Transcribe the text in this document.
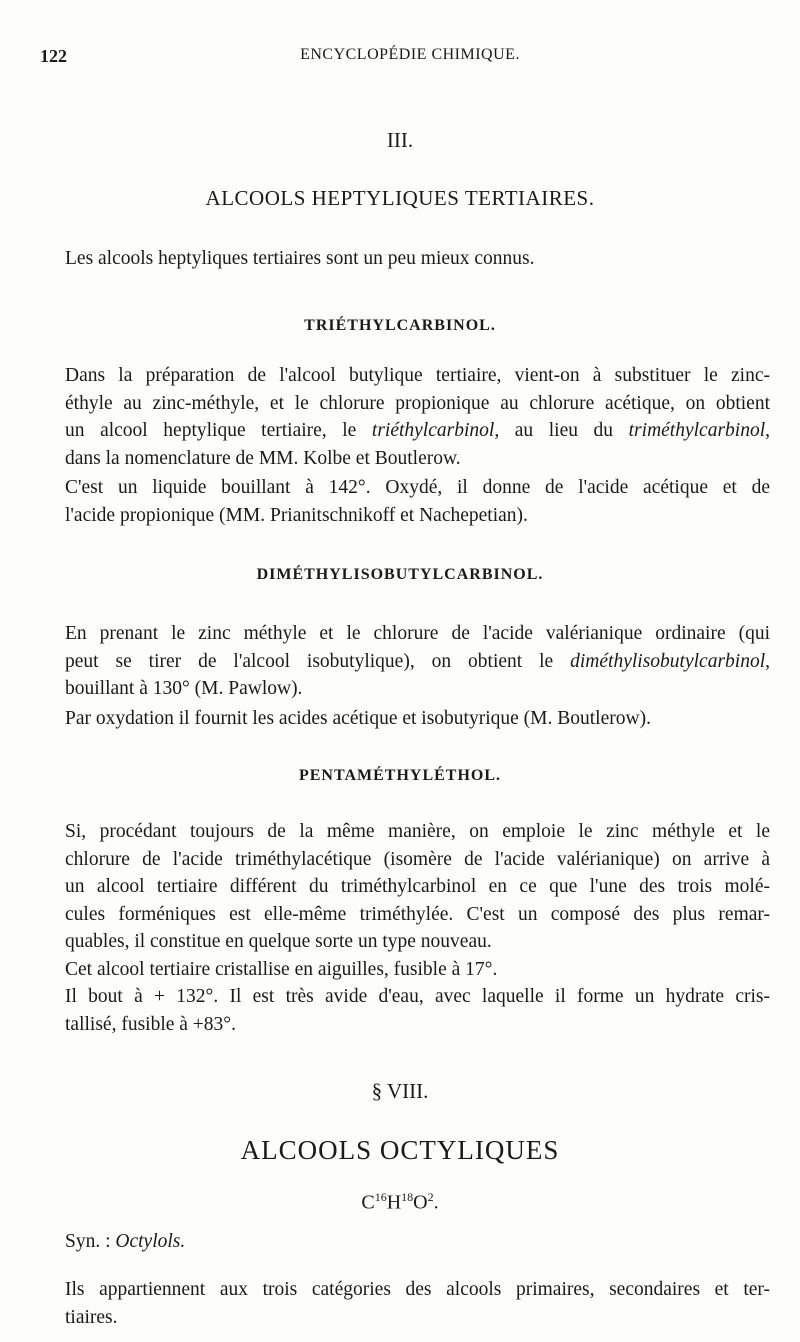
122	ENCYCLOPÉDIE CHIMIQUE.
III.
ALCOOLS HEPTYLIQUES TERTIAIRES.

Les alcools heptyliques tertiaires sont un peu mieux connus.

TRIÉTHYLCARBINOL.

Dans la préparation de l'alcool butylique tertiaire, vient-on à substituer le zinc-
éthyle au zinc-méthyle, et le chlorure propionique au chlorure acétique, on obtient
un alcool heptylique tertiaire, le triéthylcarbinol, au lieu du triméthylcarbinol,
dans la nomenclature de MM. Kolbe et Boutlerow.

C'est un liquide bouillant à 142°. Oxydé, il donne de l'acide acétique et de
l'acide propionique (MM. Prianitschnikoff et Nachepetian).

DIMÉTHYLISOBUTYLCARBINOL.

En prenant le zinc méthyle et le chlorure de l'acide valérianique ordinaire (qui
peut se tirer de l'alcool isobutylique), on obtient le diméthylisobutylcarbinol,
bouillant à 130° (M. Pawlow).

Par oxydation il fournit les acides acétique et isobutyrique (M. Boutlerow).

PENTAMÉTHYLÉTHOL.

Si, procédant toujours de la même manière, on emploie le zinc méthyle et le
chlorure de l'acide triméthylacétique (isomère de l'acide valérianique) on arrive à
un alcool tertiaire différent du triméthylcarbinol en ce que l'une des trois molé-
cules forméniques est elle-même triméthylée. C'est un composé des plus remar-
quables, il constitue en quelque sorte un type nouveau.

Cet alcool tertiaire cristallise en aiguilles, fusible à 17°.

Il bout à + 132°. Il est très avide d'eau, avec laquelle il forme un hydrate cris-
tallisé, fusible à +83°.

§ VIII.
ALCOOLS OCTYLIQUES
$C^{16}H^{18}O^2$.

Syn. : Octylols.

Ils appartiennent aux trois catégories des alcools primaires, secondaires et ter-
tiaires.
